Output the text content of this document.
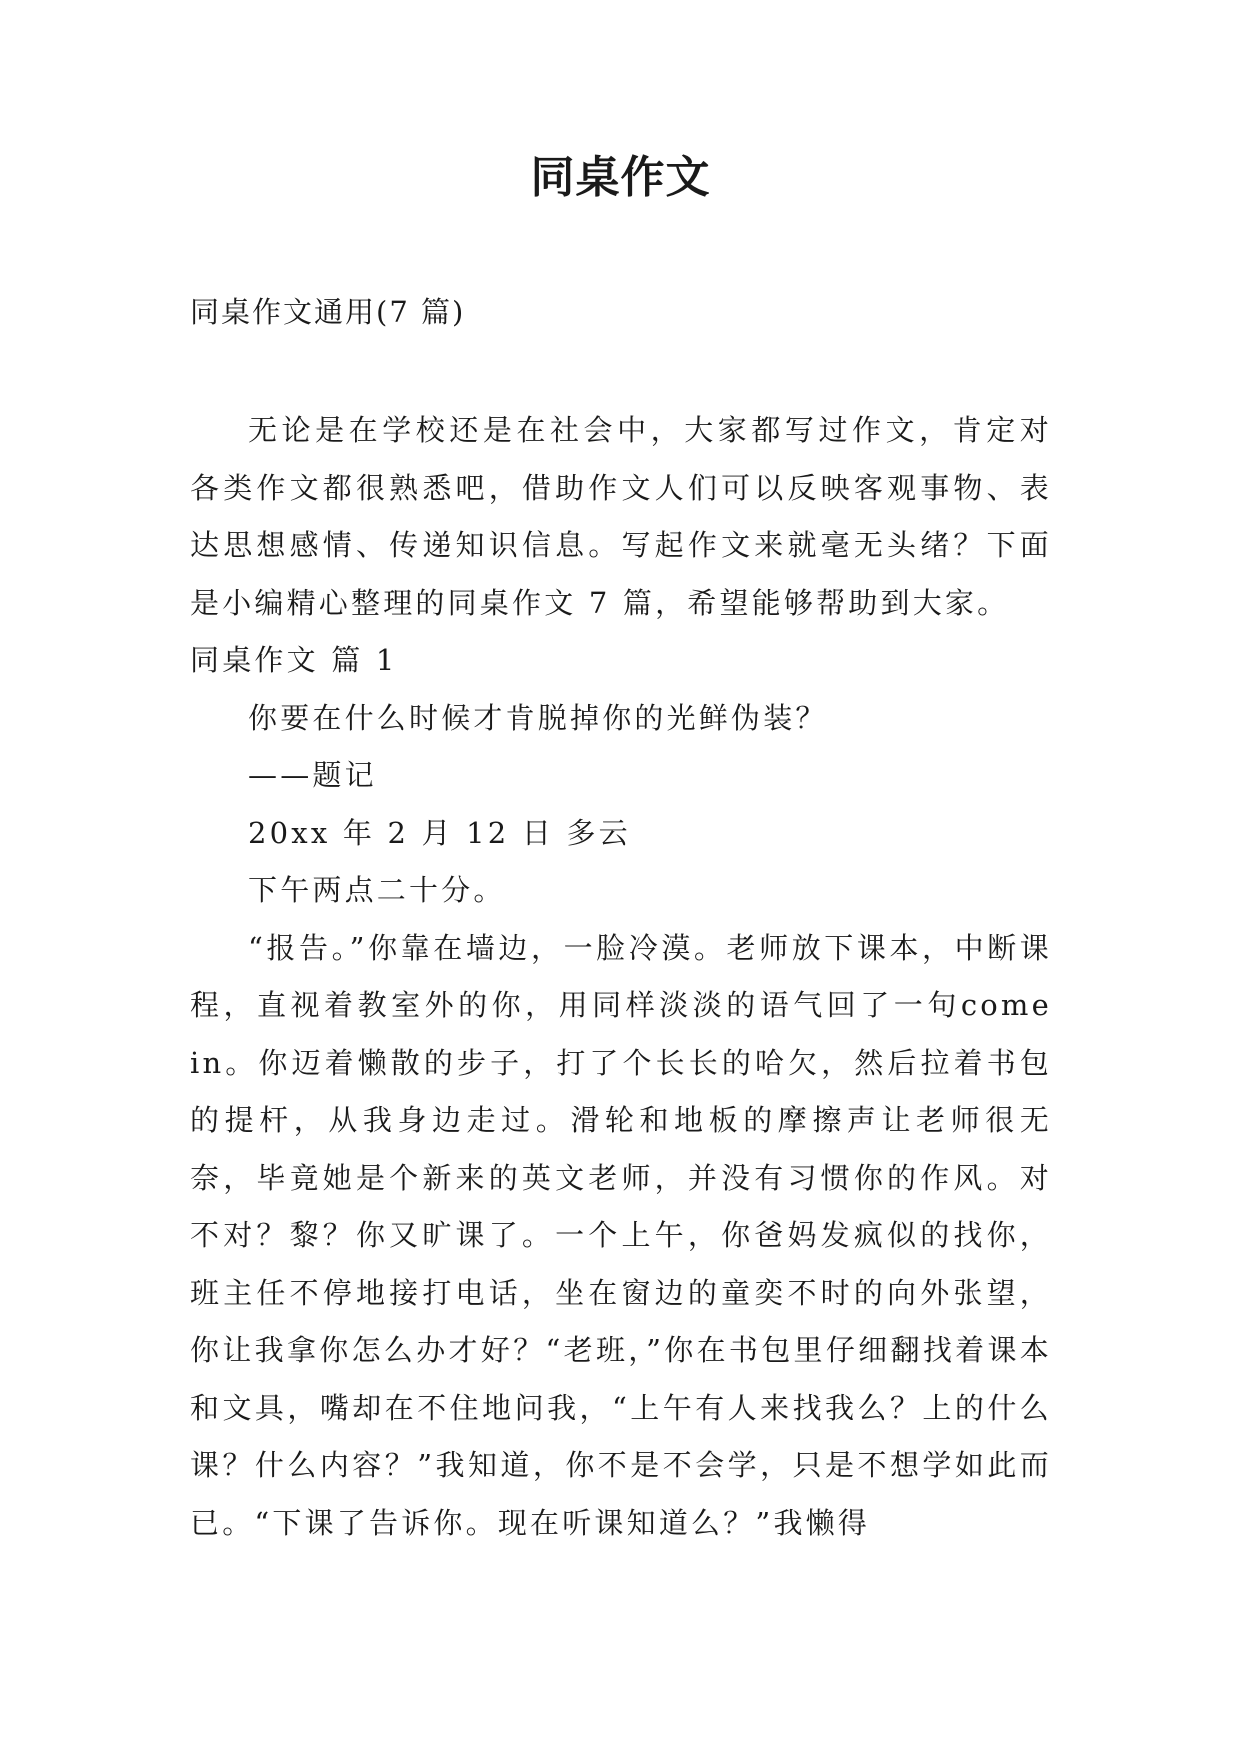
同桌作文
同桌作文通用(7 篇)

无论是在学校还是在社会中，大家都写过作文，肯定对各类作文都很熟悉吧，借助作文人们可以反映客观事物、表达思想感情、传递知识信息。写起作文来就毫无头绪？下面是小编精心整理的同桌作文 7 篇，希望能够帮助到大家。

同桌作文 篇 1

你要在什么时候才肯脱掉你的光鲜伪装？

——题记

20xx 年 2 月 12 日 多云

下午两点二十分。

“报告。”你靠在墙边，一脸冷漠。老师放下课本，中断课程，直视着教室外的你，用同样淡淡的语气回了一句come in。你迈着懒散的步子，打了个长长的哈欠，然后拉着书包的提杆，从我身边走过。滑轮和地板的摩擦声让老师很无奈，毕竟她是个新来的英文老师，并没有习惯你的作风。对不对？黎？你又旷课了。一个上午，你爸妈发疯似的找你，班主任不停地接打电话，坐在窗边的童奕不时的向外张望，你让我拿你怎么办才好？“老班，”你在书包里仔细翻找着课本和文具，嘴却在不住地问我，“上午有人来找我么？上的什么课？什么内容？”我知道，你不是不会学，只是不想学如此而已。“下课了告诉你。现在听课知道么？”我懒得
